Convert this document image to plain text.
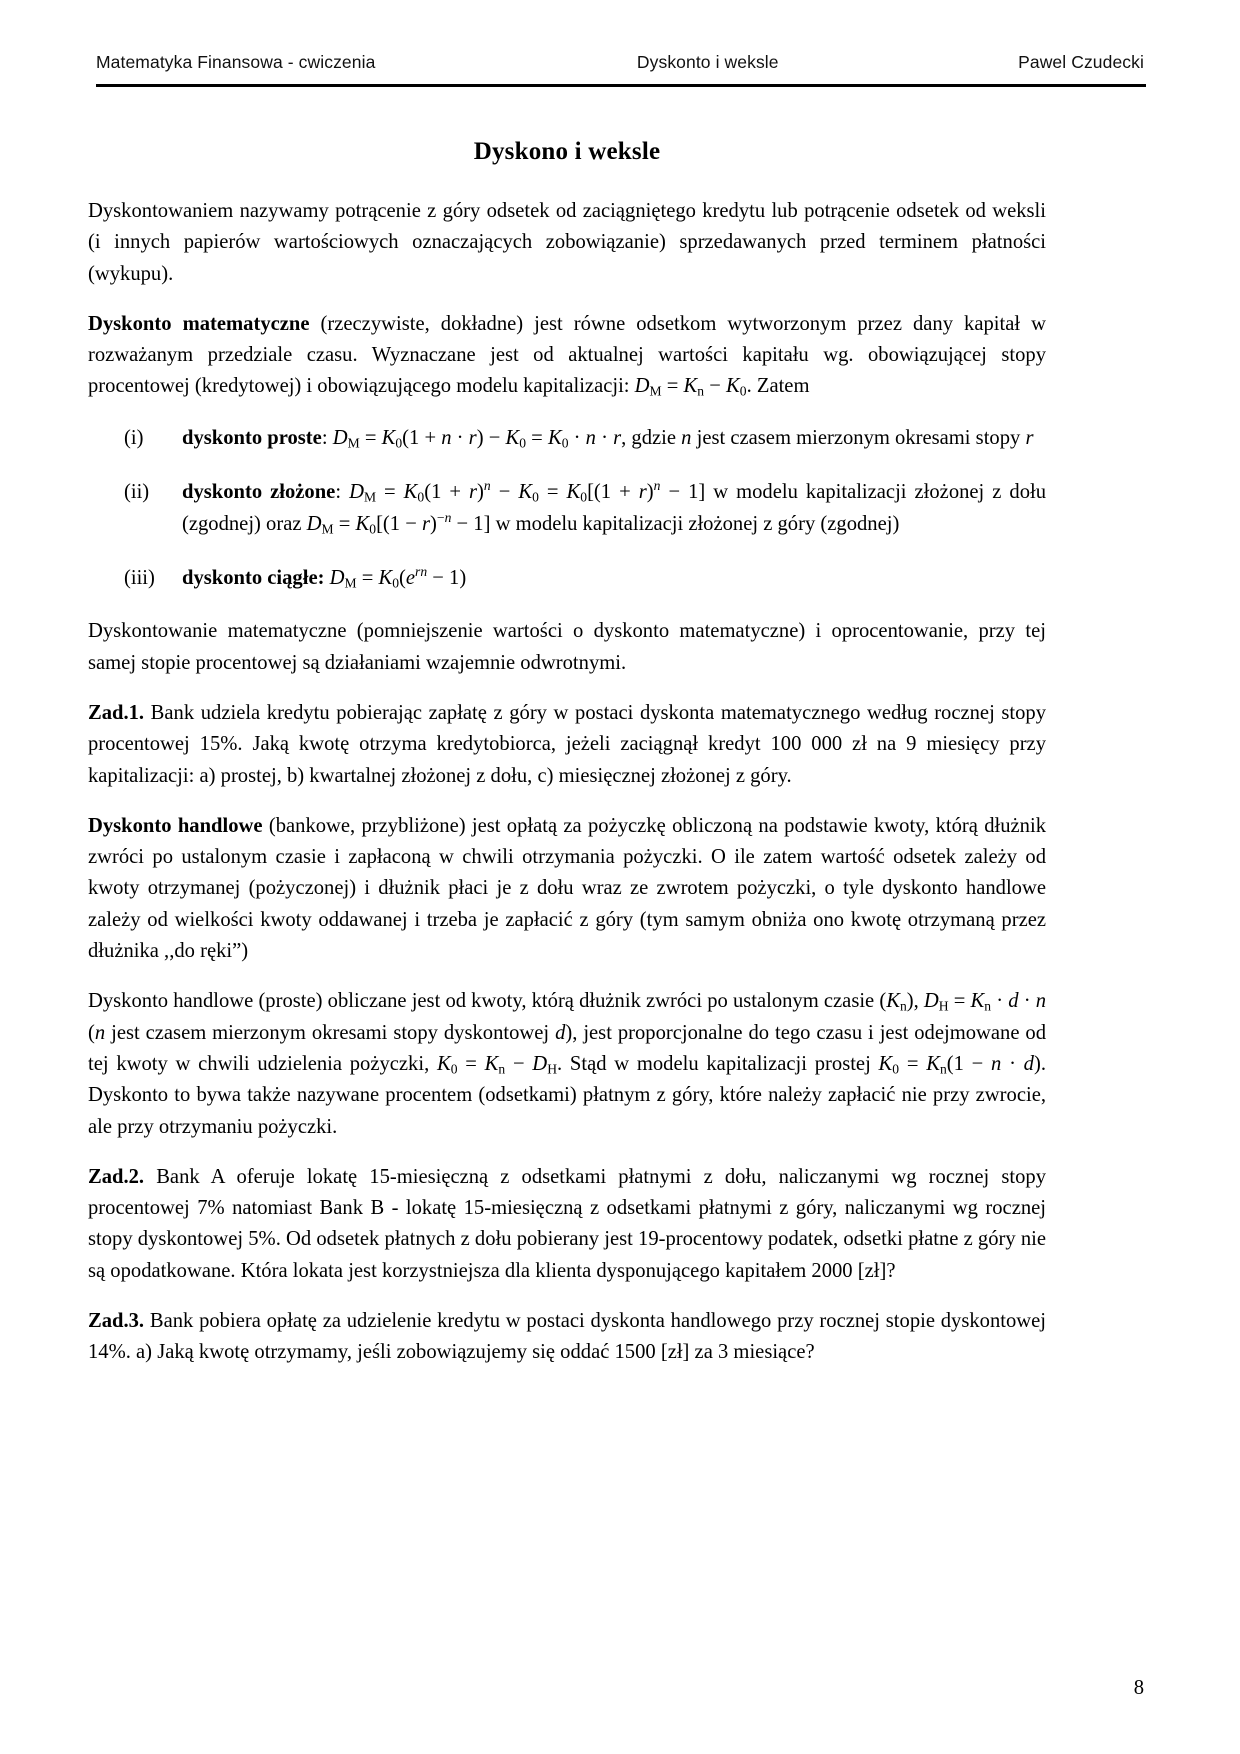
Matematyka Finansowa - cwiczenia	Dyskonto i weksle	Pawel Czudecki
Dyskono i weksle

Dyskontowaniem nazywamy potrącenie z góry odsetek od zaciągniętego kredytu lub potrącenie odsetek od weksli (i innych papierów wartościowych oznaczających zobowiązanie) sprzedawanych przed terminem płatności (wykupu).

Dyskonto matematyczne (rzeczywiste, dokładne) jest równe odsetkom wytworzonym przez dany kapitał w rozważanym przedziale czasu. Wyznaczane jest od aktualnej wartości kapitału wg. obowiązującej stopy procentowej (kredytowej) i obowiązującego modelu kapitalizacji: $D_M = K_n - K_0$. Zatem

(i)	dyskonto proste: $D_M = K_0(1 + n \cdot r) - K_0 = K_0 \cdot n \cdot r$, gdzie n jest czasem mierzonym okresami stopy r
(ii)	dyskonto złożone: $D_M = K_0(1 + r)^n - K_0 = K_0[(1 + r)^n - 1]$ w modelu kapitalizacji złożonej z dołu (zgodnej) oraz $D_M = K_0[(1 - r)^{-n} - 1]$ w modelu kapitalizacji złożonej z góry (zgodnej)
(iii)	dyskonto ciągłe: $D_M = K_0(e^{rn} - 1)$

Dyskontowanie matematyczne (pomniejszenie wartości o dyskonto matematyczne) i oprocentowanie, przy tej samej stopie procentowej są działaniami wzajemnie odwrotnymi.

Zad.1. Bank udziela kredytu pobierając zapłatę z góry w postaci dyskonta matematycznego według rocznej stopy procentowej 15%. Jaką kwotę otrzyma kredytobiorca, jeżeli zaciągnął kredyt 100 000 zł na 9 miesięcy przy kapitalizacji: a) prostej, b) kwartalnej złożonej z dołu, c) miesięcznej złożonej z góry.

Dyskonto handlowe (bankowe, przybliżone) jest opłatą za pożyczkę obliczoną na podstawie kwoty, którą dłużnik zwróci po ustalonym czasie i zapłaconą w chwili otrzymania pożyczki. O ile zatem wartość odsetek zależy od kwoty otrzymanej (pożyczonej) i dłużnik płaci je z dołu wraz ze zwrotem pożyczki, o tyle dyskonto handlowe zależy od wielkości kwoty oddawanej i trzeba je zapłacić z góry (tym samym obniża ono kwotę otrzymaną przez dłużnika ,,do ręki”)

Dyskonto handlowe (proste) obliczane jest od kwoty, którą dłużnik zwróci po ustalonym czasie $(K_n)$, $D_H = K_n \cdot d \cdot n$ (n jest czasem mierzonym okresami stopy dyskontowej d), jest proporcjonalne do tego czasu i jest odejmowane od tej kwoty w chwili udzielenia pożyczki, $K_0 = K_n - D_H$. Stąd w modelu kapitalizacji prostej $K_0 = K_n(1 - n \cdot d)$. Dyskonto to bywa także nazywane procentem (odsetkami) płatnym z góry, które należy zapłacić nie przy zwrocie, ale przy otrzymaniu pożyczki.

Zad.2. Bank A oferuje lokatę 15-miesięczną z odsetkami płatnymi z dołu, naliczanymi wg rocznej stopy procentowej 7% natomiast Bank B - lokatę 15-miesięczną z odsetkami płatnymi z góry, naliczanymi wg rocznej stopy dyskontowej 5%. Od odsetek płatnych z dołu pobierany jest 19-procentowy podatek, odsetki płatne z góry nie są opodatkowane. Która lokata jest korzystniejsza dla klienta dysponującego kapitałem 2000 [zł]?

Zad.3. Bank pobiera opłatę za udzielenie kredytu w postaci dyskonta handlowego przy rocznej stopie dyskontowej 14%. a) Jaką kwotę otrzymamy, jeśli zobowiązujemy się oddać 1500 [zł] za 3 miesiące?

8
